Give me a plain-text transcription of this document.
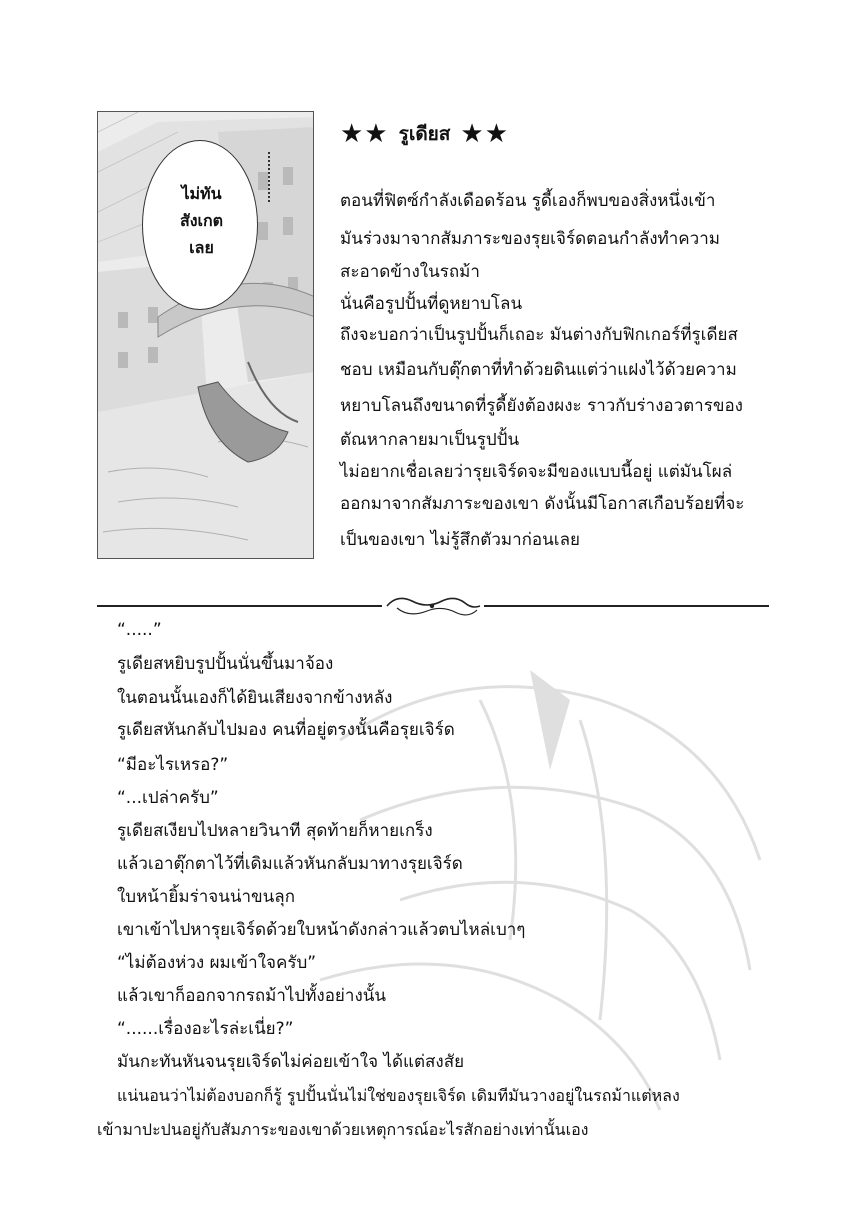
ไม่ทัน
สังเกต
เลย
★★ รูเดียส ★★
ตอนที่ฟิตซ์กำลังเดือดร้อน รูดี้เองก็พบของสิ่งหนึ่งเข้า
มันร่วงมาจากสัมภาระของรุยเจิร์ดตอนกำลังทำความ
สะอาดข้างในรถม้า
นั่นคือรูปปั้นที่ดูหยาบโลน
ถึงจะบอกว่าเป็นรูปปั้นก็เถอะ มันต่างกับฟิกเกอร์ที่รูเดียส
ชอบ เหมือนกับตุ๊กตาที่ทำด้วยดินแต่ว่าแฝงไว้ด้วยความ
หยาบโลนถึงขนาดที่รูดี้ยังต้องผงะ ราวกับร่างอวตารของ
ตัณหากลายมาเป็นรูปปั้น
ไม่อยากเชื่อเลยว่ารุยเจิร์ดจะมีของแบบนี้อยู่ แต่มันโผล่
ออกมาจากสัมภาระของเขา ดังนั้นมีโอกาสเกือบร้อยที่จะ
เป็นของเขา ไม่รู้สึกตัวมาก่อนเลย
“.....”
รูเดียสหยิบรูปปั้นนั่นขึ้นมาจ้อง
ในตอนนั้นเองก็ได้ยินเสียงจากข้างหลัง
รูเดียสหันกลับไปมอง คนที่อยู่ตรงนั้นคือรุยเจิร์ด
“มีอะไรเหรอ?”
“...เปล่าครับ”
รูเดียสเงียบไปหลายวินาที สุดท้ายก็หายเกร็ง
แล้วเอาตุ๊กตาไว้ที่เดิมแล้วหันกลับมาทางรุยเจิร์ด
ใบหน้ายิ้มร่าจนน่าขนลุก
เขาเข้าไปหารุยเจิร์ดด้วยใบหน้าดังกล่าวแล้วตบไหล่เบาๆ
“ไม่ต้องห่วง ผมเข้าใจครับ”
แล้วเขาก็ออกจากรถม้าไปทั้งอย่างนั้น
“......เรื่องอะไรล่ะเนี่ย?”
มันกะทันหันจนรุยเจิร์ดไม่ค่อยเข้าใจ ได้แต่สงสัย
แน่นอนว่าไม่ต้องบอกก็รู้ รูปปั้นนั่นไม่ใช่ของรุยเจิร์ด เดิมทีมันวางอยู่ในรถม้าแต่หลง
เข้ามาปะปนอยู่กับสัมภาระของเขาด้วยเหตุการณ์อะไรสักอย่างเท่านั้นเอง
